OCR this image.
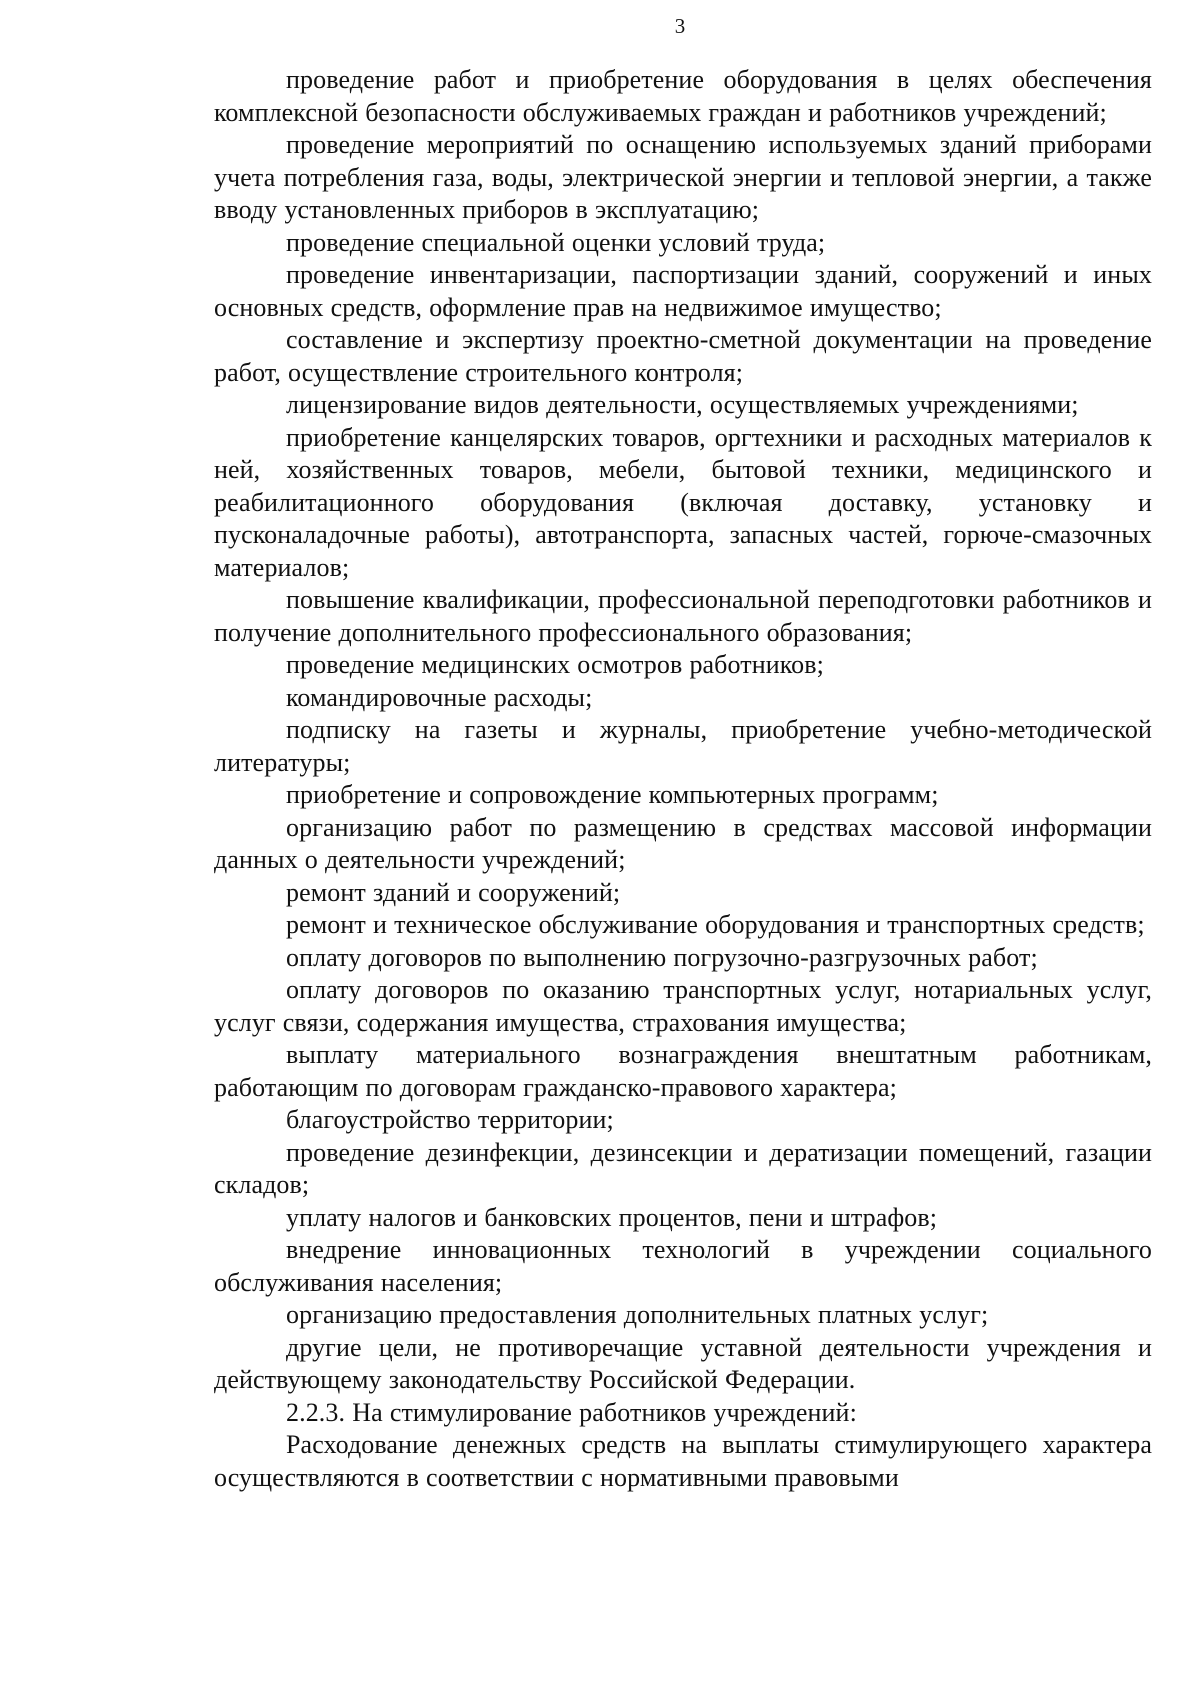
3

проведение работ и приобретение оборудования в целях обеспечения комплексной безопасности обслуживаемых граждан и работников учреждений;

проведение мероприятий по оснащению используемых зданий приборами учета потребления газа, воды, электрической энергии и тепловой энергии, а также вводу установленных приборов в эксплуатацию;

проведение специальной оценки условий труда;

проведение инвентаризации, паспортизации зданий, сооружений и иных основных средств, оформление прав на недвижимое имущество;

составление и экспертизу проектно-сметной документации на проведение работ, осуществление строительного контроля;

лицензирование видов деятельности, осуществляемых учреждениями;

приобретение канцелярских товаров, оргтехники и расходных материалов к ней, хозяйственных товаров, мебели, бытовой техники, медицинского и реабилитационного оборудования (включая доставку, установку и пусконаладочные работы), автотранспорта, запасных частей, горюче-смазочных материалов;

повышение квалификации, профессиональной переподготовки работников и получение дополнительного профессионального образования;

проведение медицинских осмотров работников;

командировочные расходы;

подписку на газеты и журналы, приобретение учебно-методической литературы;

приобретение и сопровождение компьютерных программ;

организацию работ по размещению в средствах массовой информации данных о деятельности учреждений;

ремонт зданий и сооружений;

ремонт и техническое обслуживание оборудования и транспортных средств;

оплату договоров по выполнению погрузочно-разгрузочных работ;

оплату договоров по оказанию транспортных услуг, нотариальных услуг, услуг связи, содержания имущества, страхования имущества;

выплату материального вознаграждения внештатным работникам, работающим по договорам гражданско-правового характера;

благоустройство территории;

проведение дезинфекции, дезинсекции и дератизации помещений, газации складов;

уплату налогов и банковских процентов, пени и штрафов;

внедрение инновационных технологий в учреждении социального обслуживания населения;

организацию предоставления дополнительных платных услуг;

другие цели, не противоречащие уставной деятельности учреждения и действующему законодательству Российской Федерации.

2.2.3. На стимулирование работников учреждений:

Расходование денежных средств на выплаты стимулирующего характера осуществляются в соответствии с нормативными правовыми
